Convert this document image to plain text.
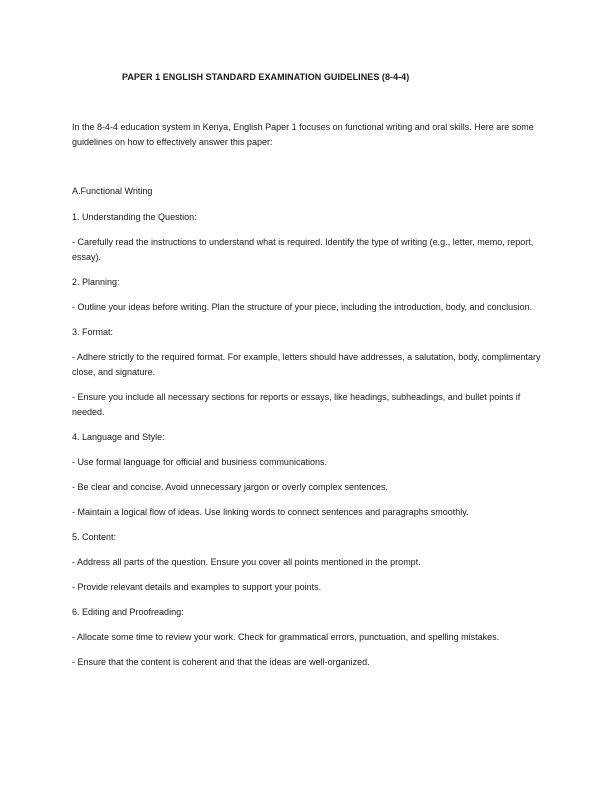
PAPER 1 ENGLISH STANDARD EXAMINATION GUIDELINES (8-4-4)

In the 8-4-4 education system in Kenya, English Paper 1 focuses on functional writing and oral skills. Here are some guidelines on how to effectively answer this paper:

A.Functional Writing

1. Understanding the Question:

- Carefully read the instructions to understand what is required. Identify the type of writing (e.g., letter, memo, report, essay).

2. Planning:

- Outline your ideas before writing. Plan the structure of your piece, including the introduction, body, and conclusion.

3. Format:

- Adhere strictly to the required format. For example, letters should have addresses, a salutation, body, complimentary close, and signature.

- Ensure you include all necessary sections for reports or essays, like headings, subheadings, and bullet points if needed.

4. Language and Style:

- Use formal language for official and business communications.

- Be clear and concise. Avoid unnecessary jargon or overly complex sentences.

- Maintain a logical flow of ideas. Use linking words to connect sentences and paragraphs smoothly.

5. Content:

- Address all parts of the question. Ensure you cover all points mentioned in the prompt.

- Provide relevant details and examples to support your points.

6. Editing and Proofreading:

- Allocate some time to review your work. Check for grammatical errors, punctuation, and spelling mistakes.

- Ensure that the content is coherent and that the ideas are well-organized.
